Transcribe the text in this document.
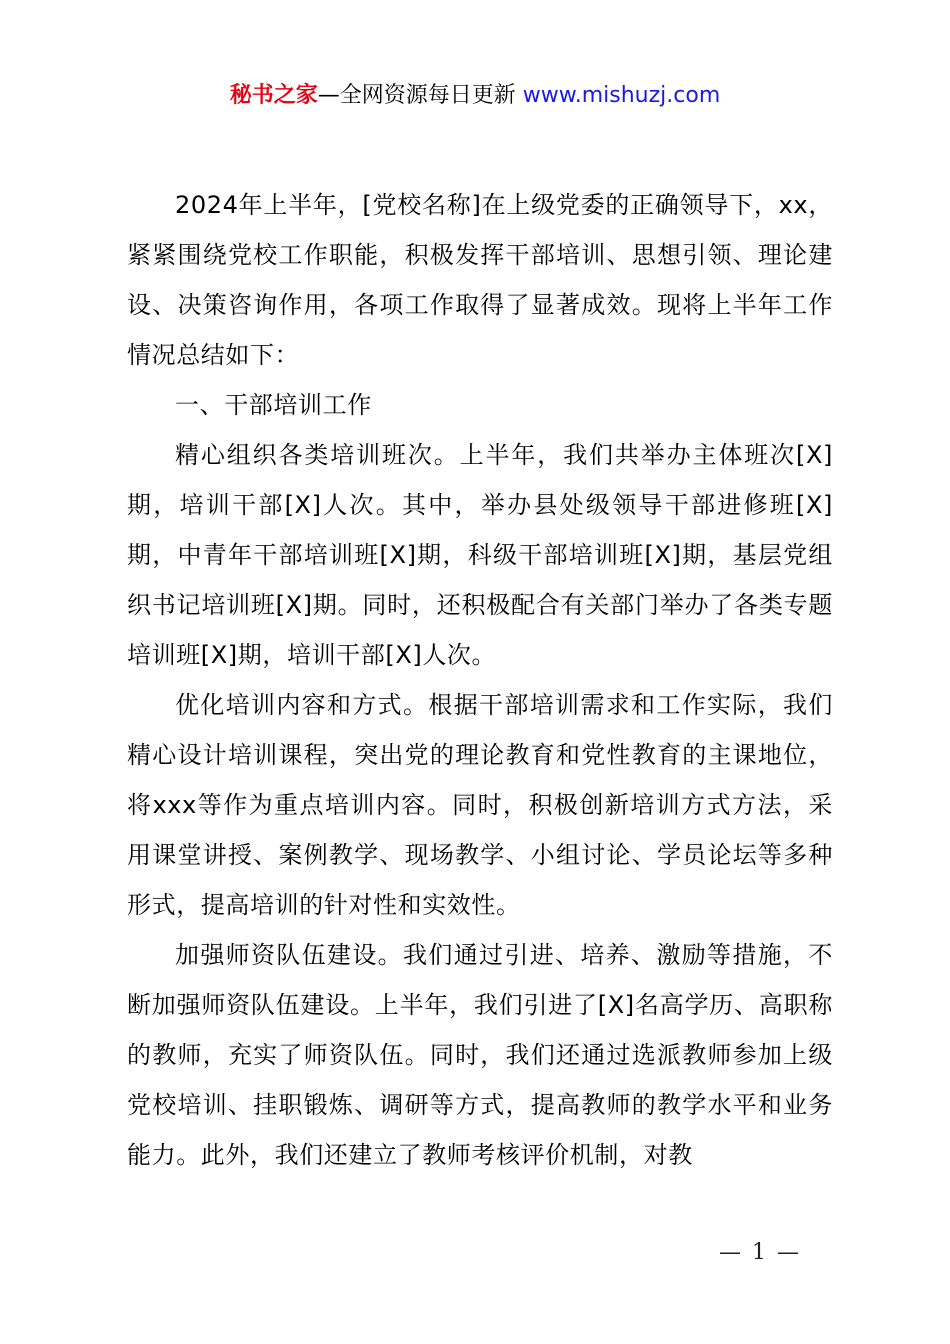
秘书之家—全网资源每日更新 www.mishuzj.com

2024年上半年，[党校名称]在上级党委的正确领导下，xx，紧紧围绕党校工作职能，积极发挥干部培训、思想引领、理论建设、决策咨询作用，各项工作取得了显著成效。现将上半年工作情况总结如下：

一、干部培训工作

精心组织各类培训班次。上半年，我们共举办主体班次[X]期，培训干部[X]人次。其中，举办县处级领导干部进修班[X]期，中青年干部培训班[X]期，科级干部培训班[X]期，基层党组织书记培训班[X]期。同时，还积极配合有关部门举办了各类专题培训班[X]期，培训干部[X]人次。

优化培训内容和方式。根据干部培训需求和工作实际，我们精心设计培训课程，突出党的理论教育和党性教育的主课地位，将xxx等作为重点培训内容。同时，积极创新培训方式方法，采用课堂讲授、案例教学、现场教学、小组讨论、学员论坛等多种形式，提高培训的针对性和实效性。

加强师资队伍建设。我们通过引进、培养、激励等措施，不断加强师资队伍建设。上半年，我们引进了[X]名高学历、高职称的教师，充实了师资队伍。同时，我们还通过选派教师参加上级党校培训、挂职锻炼、调研等方式，提高教师的教学水平和业务能力。此外，我们还建立了教师考核评价机制，对教

— 1 —
